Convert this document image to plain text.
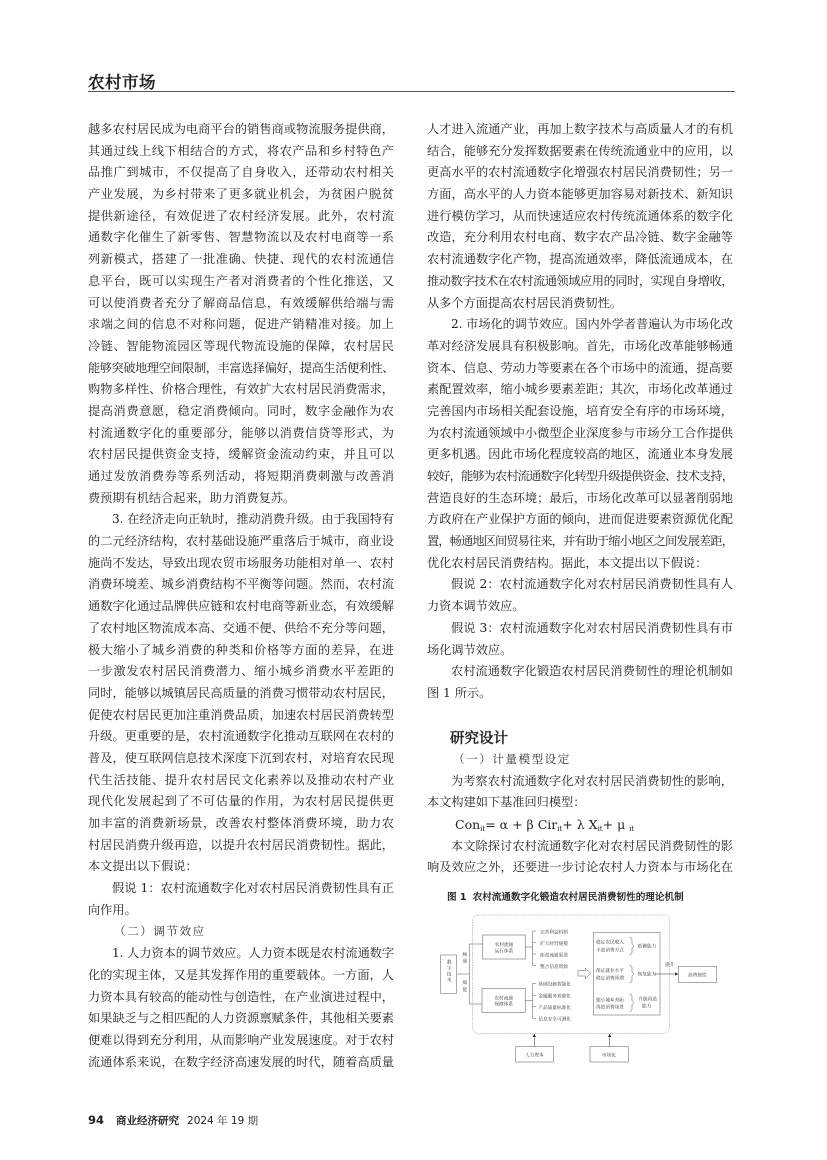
农村市场
越多农村居民成为电商平台的销售商或物流服务提供商，
其通过线上线下相结合的方式，将农产品和乡村特色产
品推广到城市，不仅提高了自身收入，还带动农村相关
产业发展，为乡村带来了更多就业机会，为贫困户脱贫
提供新途径，有效促进了农村经济发展。此外，农村流
通数字化催生了新零售、智慧物流以及农村电商等一系
列新模式，搭建了一批准确、快捷、现代的农村流通信
息平台，既可以实现生产者对消费者的个性化推送，又
可以使消费者充分了解商品信息，有效缓解供给端与需
求端之间的信息不对称问题，促进产销精准对接。加上
冷链、智能物流园区等现代物流设施的保障，农村居民
能够突破地理空间限制，丰富选择偏好，提高生活便利性、
购物多样性、价格合理性，有效扩大农村居民消费需求，
提高消费意愿，稳定消费倾向。同时，数字金融作为农
村流通数字化的重要部分，能够以消费信贷等形式，为
农村居民提供资金支持，缓解资金流动约束，并且可以
通过发放消费券等系列活动，将短期消费刺激与改善消
费预期有机结合起来，助力消费复苏。
3. 在经济走向正轨时，推动消费升级。由于我国特有
的二元经济结构，农村基础设施严重落后于城市，商业设
施尚不发达，导致出现农贸市场服务功能相对单一、农村
消费环境差、城乡消费结构不平衡等问题。然而，农村流
通数字化通过品牌供应链和农村电商等新业态，有效缓解
了农村地区物流成本高、交通不便、供给不充分等问题，
极大缩小了城乡消费的种类和价格等方面的差异，在进
一步激发农村居民消费潜力、缩小城乡消费水平差距的
同时，能够以城镇居民高质量的消费习惯带动农村居民，
促使农村居民更加注重消费品质，加速农村居民消费转型
升级。更重要的是，农村流通数字化推动互联网在农村的
普及，使互联网信息技术深度下沉到农村，对培育农民现
代生活技能、提升农村居民文化素养以及推动农村产业
现代化发展起到了不可估量的作用，为农村居民提供更
加丰富的消费新场景，改善农村整体消费环境，助力农
村居民消费升级再造，以提升农村居民消费韧性。据此，
本文提出以下假说：
假说 1：农村流通数字化对农村居民消费韧性具有正
向作用。
（二）调节效应
1. 人力资本的调节效应。人力资本既是农村流通数字
化的实现主体，又是其发挥作用的重要载体。一方面，人
力资本具有较高的能动性与创造性，在产业演进过程中，
如果缺乏与之相匹配的人力资源禀赋条件，其他相关要素
便难以得到充分利用，从而影响产业发展速度。对于农村
流通体系来说，在数字经济高速发展的时代，随着高质量
人才进入流通产业，再加上数字技术与高质量人才的有机
结合，能够充分发挥数据要素在传统流通业中的应用，以
更高水平的农村流通数字化增强农村居民消费韧性；另一
方面，高水平的人力资本能够更加容易对新技术、新知识
进行模仿学习，从而快速适应农村传统流通体系的数字化
改造，充分利用农村电商、数字农产品冷链、数字金融等
农村流通数字化产物，提高流通效率，降低流通成本，在
推动数字技术在农村流通领域应用的同时，实现自身增收，
从多个方面提高农村居民消费韧性。
2. 市场化的调节效应。国内外学者普遍认为市场化改
革对经济发展具有积极影响。首先，市场化改革能够畅通
资本、信息、劳动力等要素在各个市场中的流通，提高要
素配置效率，缩小城乡要素差距；其次，市场化改革通过
完善国内市场相关配套设施，培育安全有序的市场环境，
为农村流通领域中小微型企业深度参与市场分工合作提供
更多机遇。因此市场化程度较高的地区，流通业本身发展
较好，能够为农村流通数字化转型升级提供资金、技术支持，
营造良好的生态环境；最后，市场化改革可以显著削弱地
方政府在产业保护方面的倾向，进而促进要素资源优化配
置，畅通地区间贸易往来，并有助于缩小地区之间发展差距，
优化农村居民消费结构。据此，本文提出以下假说：
假说 2：农村流通数字化对农村居民消费韧性具有人
力资本调节效应。
假说 3：农村流通数字化对农村居民消费韧性具有市
场化调节效应。
农村流通数字化锻造农村居民消费韧性的理论机制如
图 1 所示。
研究设计
（一）计量模型设定
为考察农村流通数字化对农村居民消费韧性的影响，
本文构建如下基准回归模型：
Con$_{it}$= α + β Cir$_{it}$+ λ $X_{it}+ \mu$ $_{it}$
本文除探讨农村流通数字化对农村居民消费韧性的影
响及效应之外，还要进一步讨论农村人力资本与市场化在
图 1 农村流通数字化锻造农村居民消费韧性的理论机制
数字技术
畅通
赋能
农村流通
运行体系
农村流通
保障体系
完善利益机制
扩大经营规模
拓宽流通渠道
整合信息资源
基础设施智能化
金融服务普惠化
产品质量标准化
信息安全可测化
稳定农民收入
丰富消费方式
抵御能力
保证就业水平
稳定消费预期
恢复能力
缩小城乡差距
再造消费场景
升级再造
能力
提升
消费韧性
人力资本	市场化
94 商业经济研究 2024 年 19 期
